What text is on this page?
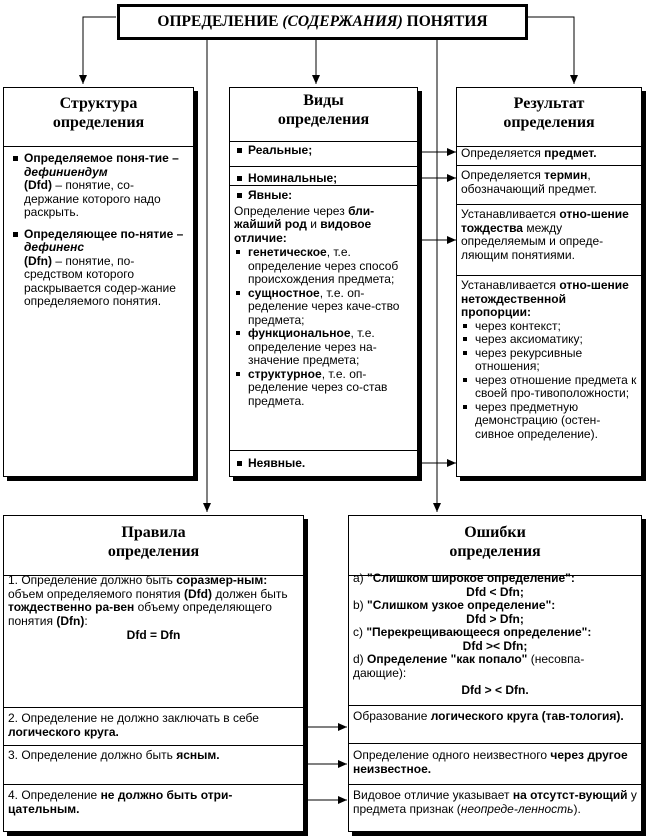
ОПРЕДЕЛЕНИЕ (СОДЕРЖАНИЯ) ПОНЯТИЯ
Структура
определения
Определяемое поня-тие – дефиниендум
(Dfd) – понятие, со-держание которого надо раскрыть.
Определяющее по-нятие – дефиненс
(Dfn) – понятие, по-средством которого раскрывается содер-жание определяемого понятия.
Виды
определения
Реальные;
Номинальные;
Явные:
Определение через бли-жайший род и видовое отличие:
генетическое, т.е. определение через способ происхождения предмета;
сущностное, т.е. оп-ределение через каче-ство предмета;
функциональное, т.е. определение через на-значение предмета;
структурное, т.е. оп-ределение через со-став предмета.
Неявные.
Результат
определения
Определяется предмет.
Определяется термин, обозначающий предмет.
Устанавливается отно-шение тождества между определяемым и опреде-ляющим понятиями.
Устанавливается отно-шение нетождественной пропорции:
через контекст;
через аксиоматику;
через рекурсивные отношения;
через отношение предмета к своей про-тивоположности;
через предметную демонстрацию (остен-сивное определение).
Правила
определения
1. Определение должно быть соразмер-ным: объем определяемого понятия (Dfd) должен быть тождественно ра-вен объему определяющего понятия (Dfn):
Dfd = Dfn
2. Определение не должно заключать в себе логического круга.
3. Определение должно быть ясным.
4. Определение не должно быть отри-цательным.
Ошибки
определения
a) "Слишком широкое определение":
Dfd < Dfn;
b) "Слишком узкое определение":
Dfd > Dfn;
c) "Перекрещивающееся определение":
Dfd >< Dfn;
d) Определение "как попало" (несовпа-дающие):
Dfd > < Dfn.
Образование логического круга (тав-тология).
Определение одного неизвестного через другое неизвестное.
Видовое отличие указывает на отсутст-вующий у предмета признак (неопреде-ленность).
